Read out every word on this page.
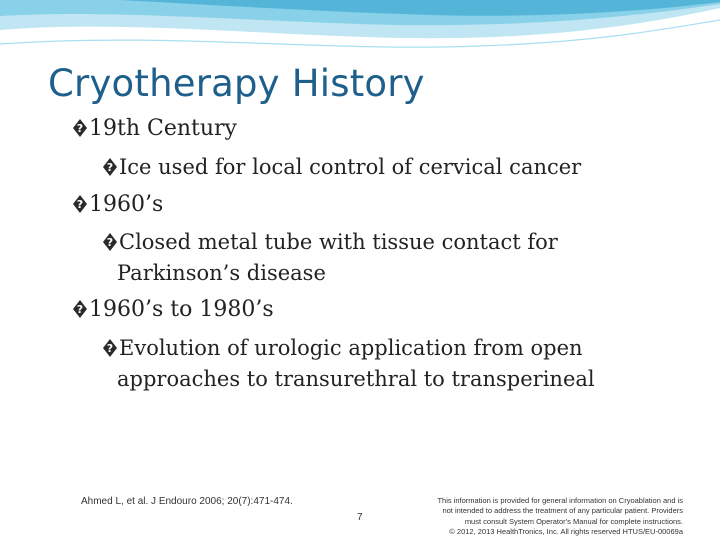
Cryotherapy History
? 19th Century
? Ice used for local control of cervical cancer
? 1960’s
? Closed metal tube with tissue contact for
Parkinson’s disease
? 1960’s to 1980’s
? Evolution of urologic application from open
approaches to transurethral to transperineal
Ahmed L, et al. J Endouro 2006; 20(7):471-474.
7
This information is provided for general information on Cryoablation and is
not intended to address the treatment of any particular patient. Providers
must consult System Operator's Manual for complete instructions.
© 2012, 2013 HealthTronics, Inc. All rights reserved HTUS/EU-00069a
